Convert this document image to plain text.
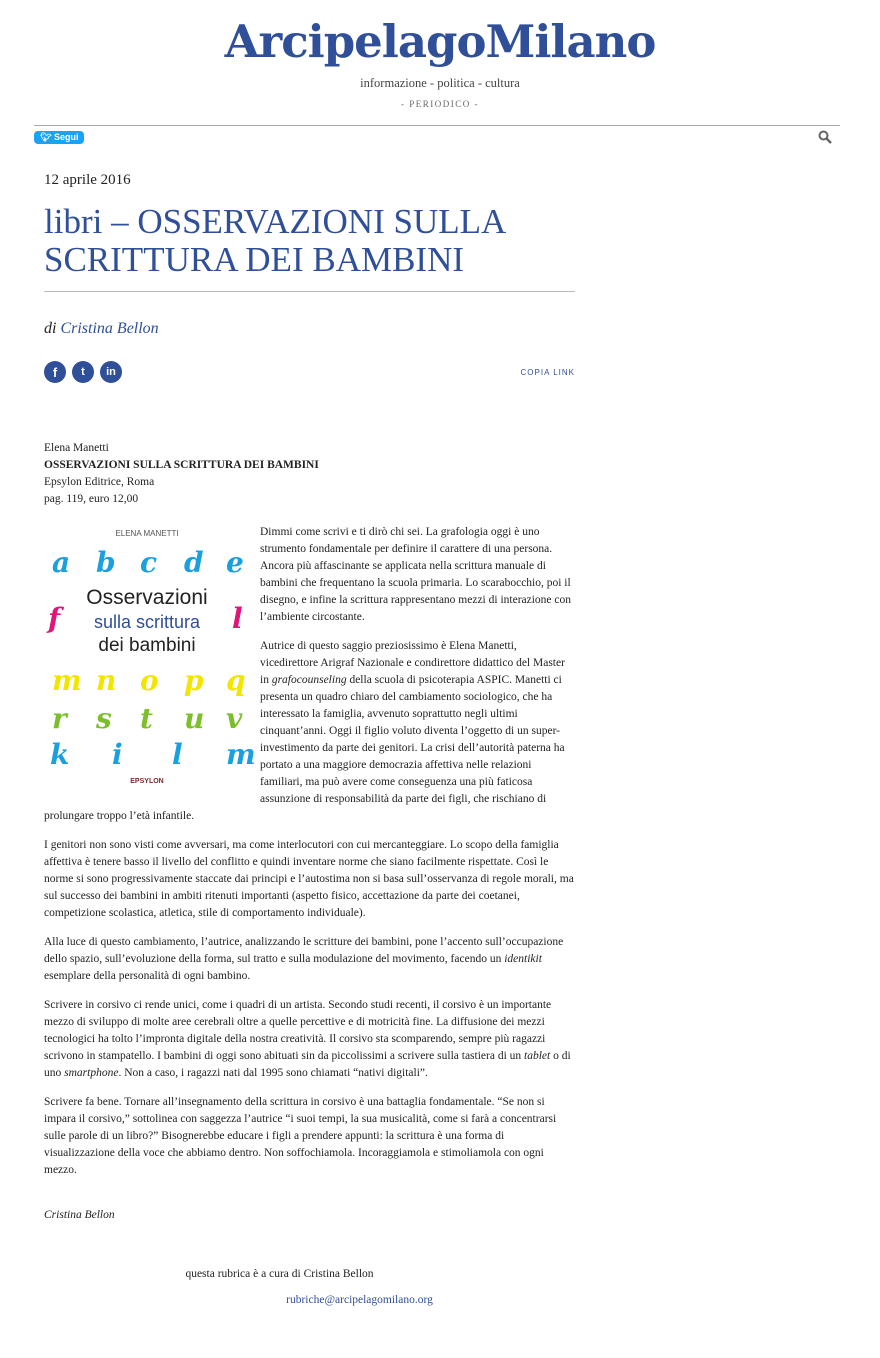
ArcipelagoMilano
informazione - politica - cultura
- PERIODICO -
🐦︎ Segui
12 aprile 2016
libri – OSSERVAZIONI SULLA SCRITTURA DEI BAMBINI
di Cristina Bellon
f	t	in	COPIA LINK
Elena Manetti
OSSERVAZIONI SULLA SCRITTURA DEI BAMBINI
Epsylon Editrice, Roma
pag. 119, euro 12,00
ELENA MANETTI
a b c d e
f	l
m n o p q
r s t u v
k i l m
Osservazioni
sulla scrittura
dei bambini
EPSYLON

Dimmi come scrivi e ti dirò chi sei. La grafologia oggi è uno strumento fondamentale per definire il carattere di una persona. Ancora più affascinante se applicata nella scrittura manuale di bambini che frequentano la scuola primaria. Lo scarabocchio, poi il disegno, e infine la scrittura rappresentano mezzi di interazione con l’ambiente circostante.

Autrice di questo saggio preziosissimo è Elena Manetti, vicedirettore Arigraf Nazionale e condirettore didattico del Master in grafocounseling della scuola di psicoterapia ASPIC. Manetti ci presenta un quadro chiaro del cambiamento sociologico, che ha interessato la famiglia, avvenuto soprattutto negli ultimi cinquant’anni. Oggi il figlio voluto diventa l’oggetto di un super-investimento da parte dei genitori. La crisi dell’autorità paterna ha portato a una maggiore democrazia affettiva nelle relazioni familiari, ma può avere come conseguenza una più faticosa assunzione di responsabilità da parte dei figli, che rischiano di prolungare troppo l’età infantile.

I genitori non sono visti come avversari, ma come interlocutori con cui mercanteggiare. Lo scopo della famiglia affettiva è tenere basso il livello del conflitto e quindi inventare norme che siano facilmente rispettate. Così le norme si sono progressivamente staccate dai principi e l’autostima non si basa sull’osservanza di regole morali, ma sul successo dei bambini in ambiti ritenuti importanti (aspetto fisico, accettazione da parte dei coetanei, competizione scolastica, atletica, stile di comportamento individuale).

Alla luce di questo cambiamento, l’autrice, analizzando le scritture dei bambini, pone l’accento sull’occupazione dello spazio, sull’evoluzione della forma, sul tratto e sulla modulazione del movimento, facendo un identikit esemplare della personalità di ogni bambino.

Scrivere in corsivo ci rende unici, come i quadri di un artista. Secondo studi recenti, il corsivo è un importante mezzo di sviluppo di molte aree cerebrali oltre a quelle percettive e di motricità fine. La diffusione dei mezzi tecnologici ha tolto l’impronta digitale della nostra creatività. Il corsivo sta scomparendo, sempre più ragazzi scrivono in stampatello. I bambini di oggi sono abituati sin da piccolissimi a scrivere sulla tastiera di un tablet o di uno smartphone. Non a caso, i ragazzi nati dal 1995 sono chiamati “nativi digitali”.

Scrivere fa bene. Tornare all’insegnamento della scrittura in corsivo è una battaglia fondamentale. “Se non si impara il corsivo,” sottolinea con saggezza l’autrice “i suoi tempi, la sua musicalità, come si farà a concentrarsi sulle parole di un libro?” Bisognerebbe educare i figli a prendere appunti: la scrittura è una forma di visualizzazione della voce che abbiamo dentro. Non soffochiamola. Incoraggiamola e stimoliamola con ogni mezzo.

Cristina Bellon
questa rubrica è a cura di Cristina Bellon
rubriche@arcipelagomilano.org
